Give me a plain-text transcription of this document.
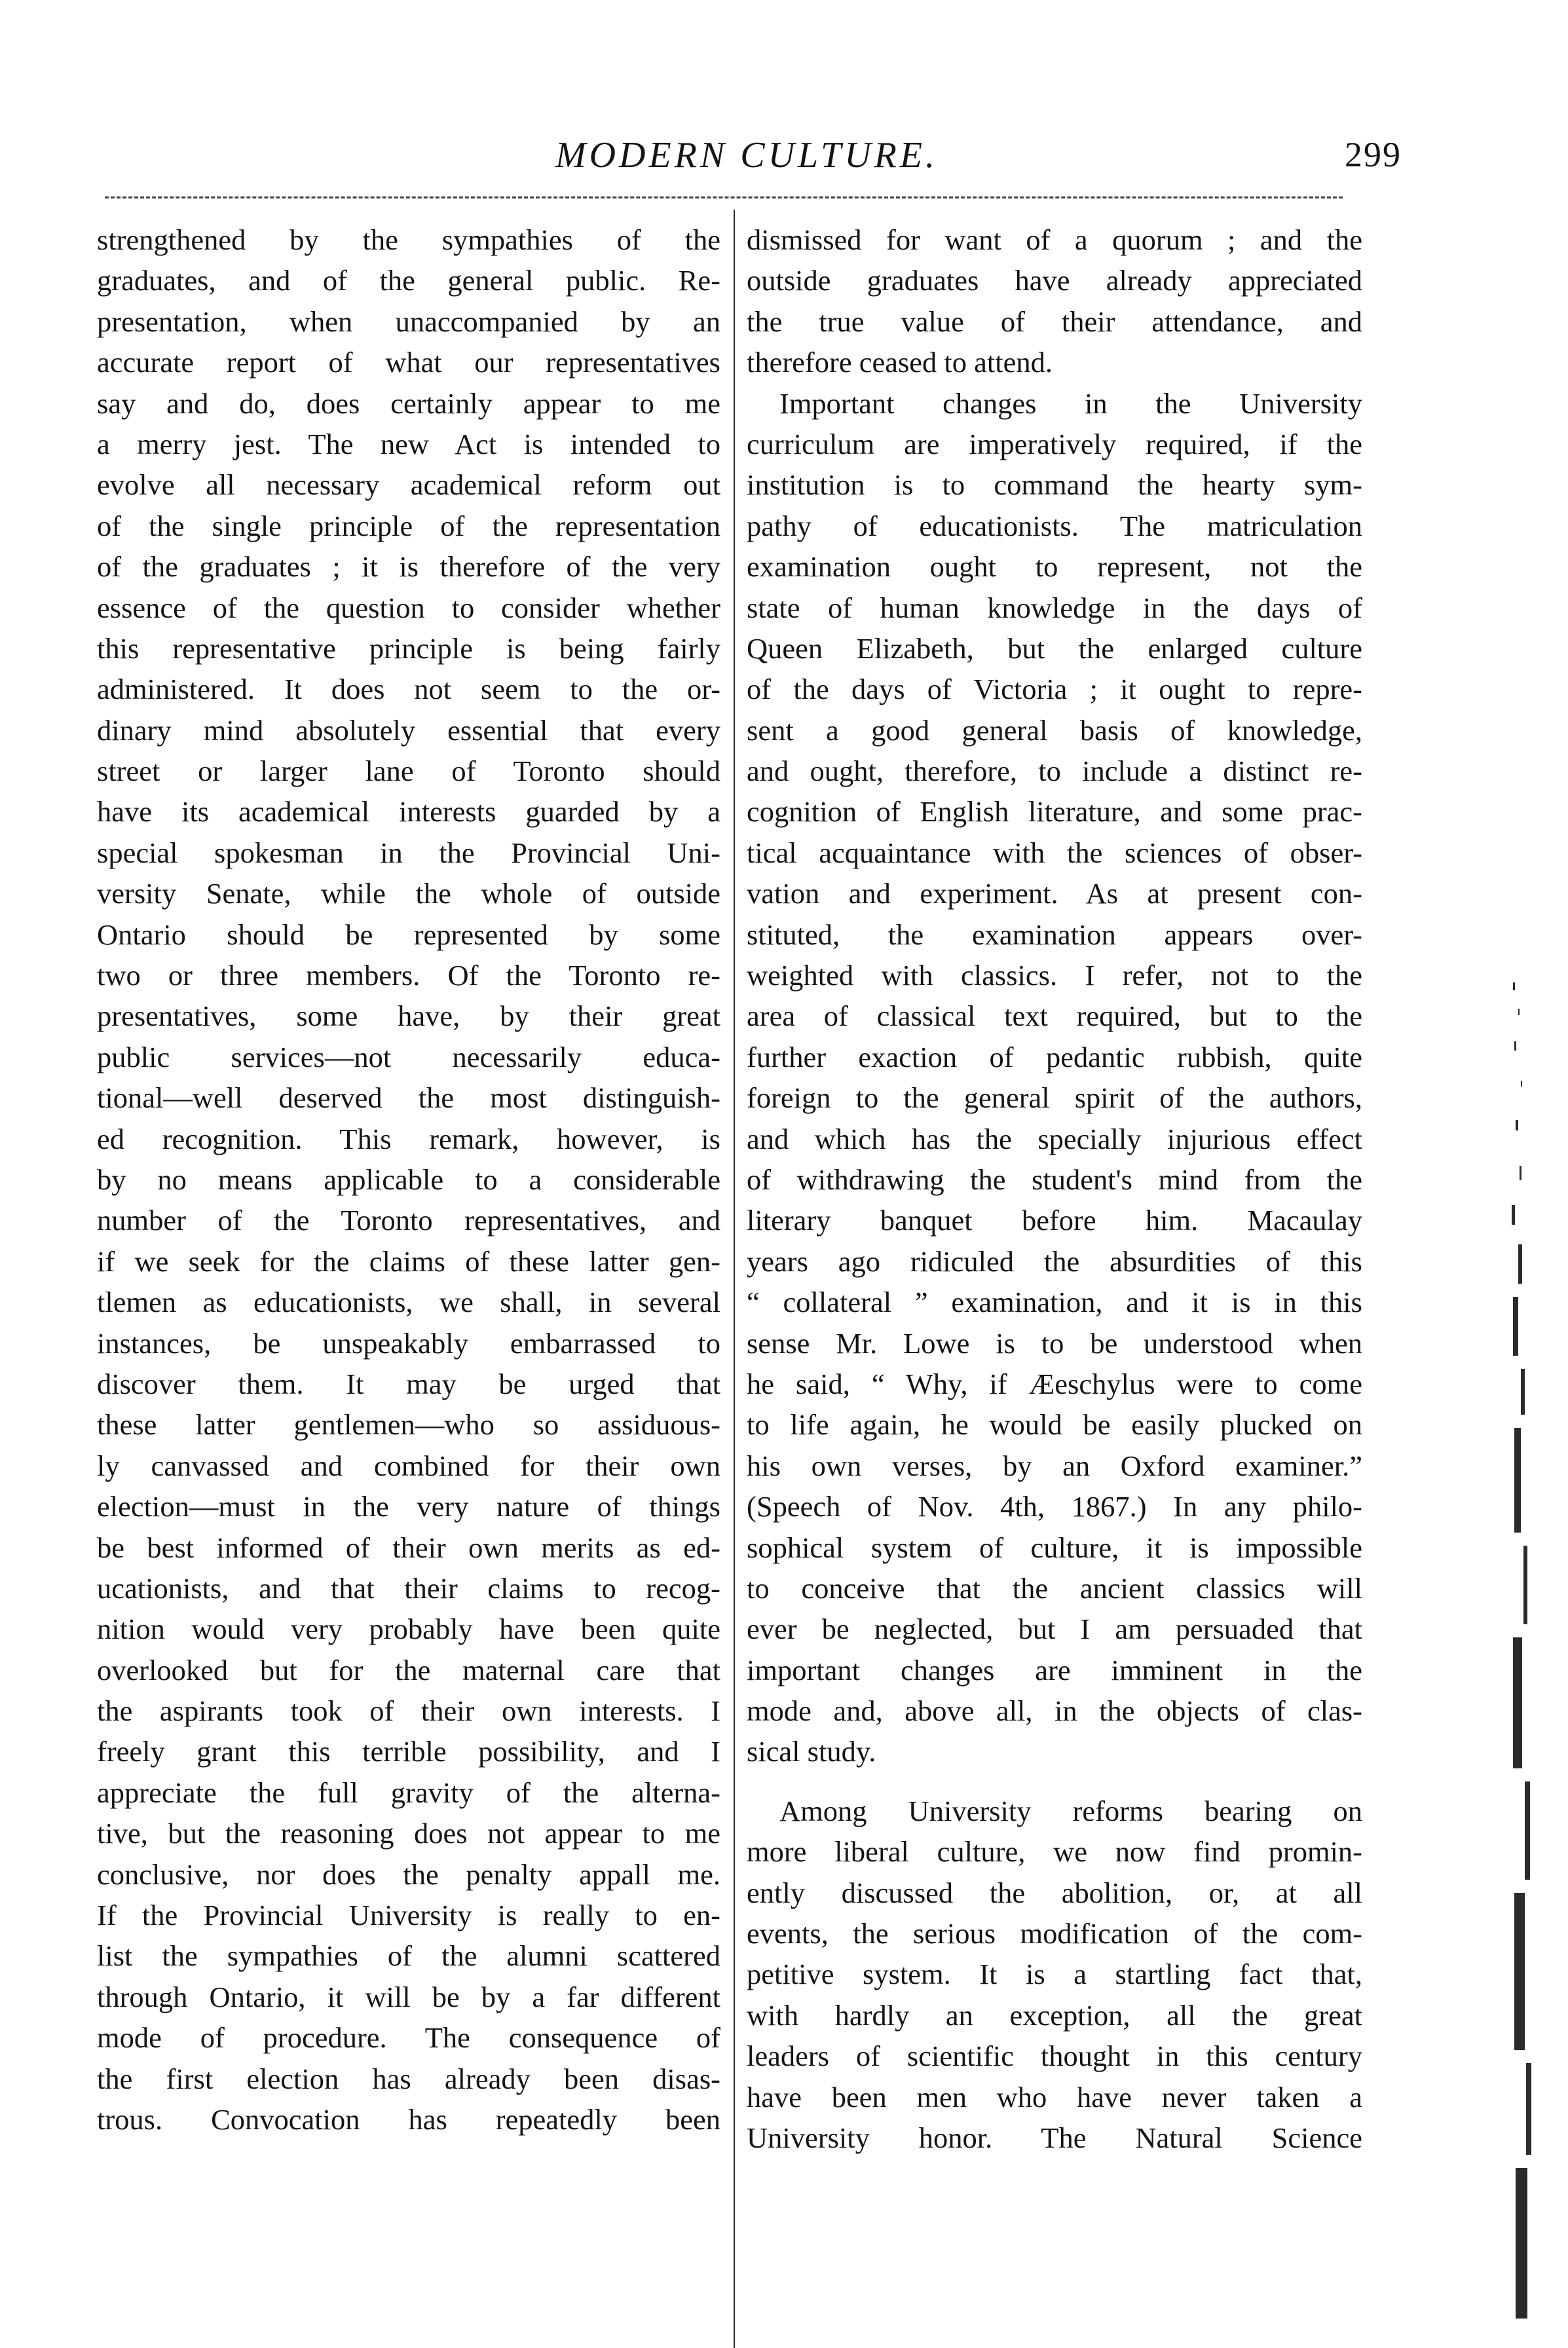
MODERN CULTURE.	299
strengthened by the sympathies of the
graduates, and of the general public. Re-
presentation, when unaccompanied by an
accurate report of what our representatives
say and do, does certainly appear to me
a merry jest. The new Act is intended to
evolve all necessary academical reform out
of the single principle of the representation
of the graduates ; it is therefore of the very
essence of the question to consider whether
this representative principle is being fairly
administered. It does not seem to the or-
dinary mind absolutely essential that every
street or larger lane of Toronto should
have its academical interests guarded by a
special spokesman in the Provincial Uni-
versity Senate, while the whole of outside
Ontario should be represented by some
two or three members. Of the Toronto re-
presentatives, some have, by their great
public services—not necessarily educa-
tional—well deserved the most distinguish-
ed recognition. This remark, however, is
by no means applicable to a considerable
number of the Toronto representatives, and
if we seek for the claims of these latter gen-
tlemen as educationists, we shall, in several
instances, be unspeakably embarrassed to
discover them. It may be urged that
these latter gentlemen—who so assiduous-
ly canvassed and combined for their own
election—must in the very nature of things
be best informed of their own merits as ed-
ucationists, and that their claims to recog-
nition would very probably have been quite
overlooked but for the maternal care that
the aspirants took of their own interests. I
freely grant this terrible possibility, and I
appreciate the full gravity of the alterna-
tive, but the reasoning does not appear to me
conclusive, nor does the penalty appall me.
If the Provincial University is really to en-
list the sympathies of the alumni scattered
through Ontario, it will be by a far different
mode of procedure. The consequence of
the first election has already been disas-
trous. Convocation has repeatedly been
dismissed for want of a quorum ; and the
outside graduates have already appreciated
the true value of their attendance, and
therefore ceased to attend.
Important changes in the University
curriculum are imperatively required, if the
institution is to command the hearty sym-
pathy of educationists. The matriculation
examination ought to represent, not the
state of human knowledge in the days of
Queen Elizabeth, but the enlarged culture
of the days of Victoria ; it ought to repre-
sent a good general basis of knowledge,
and ought, therefore, to include a distinct re-
cognition of English literature, and some prac-
tical acquaintance with the sciences of obser-
vation and experiment. As at present con-
stituted, the examination appears over-
weighted with classics. I refer, not to the
area of classical text required, but to the
further exaction of pedantic rubbish, quite
foreign to the general spirit of the authors,
and which has the specially injurious effect
of withdrawing the student's mind from the
literary banquet before him. Macaulay
years ago ridiculed the absurdities of this
“ collateral ” examination, and it is in this
sense Mr. Lowe is to be understood when
he said, “ Why, if Æeschylus were to come
to life again, he would be easily plucked on
his own verses, by an Oxford examiner.”
(Speech of Nov. 4th, 1867.) In any philo-
sophical system of culture, it is impossible
to conceive that the ancient classics will
ever be neglected, but I am persuaded that
important changes are imminent in the
mode and, above all, in the objects of clas-
sical study.
Among University reforms bearing on
more liberal culture, we now find promin-
ently discussed the abolition, or, at all
events, the serious modification of the com-
petitive system. It is a startling fact that,
with hardly an exception, all the great
leaders of scientific thought in this century
have been men who have never taken a
University honor. The Natural Science
